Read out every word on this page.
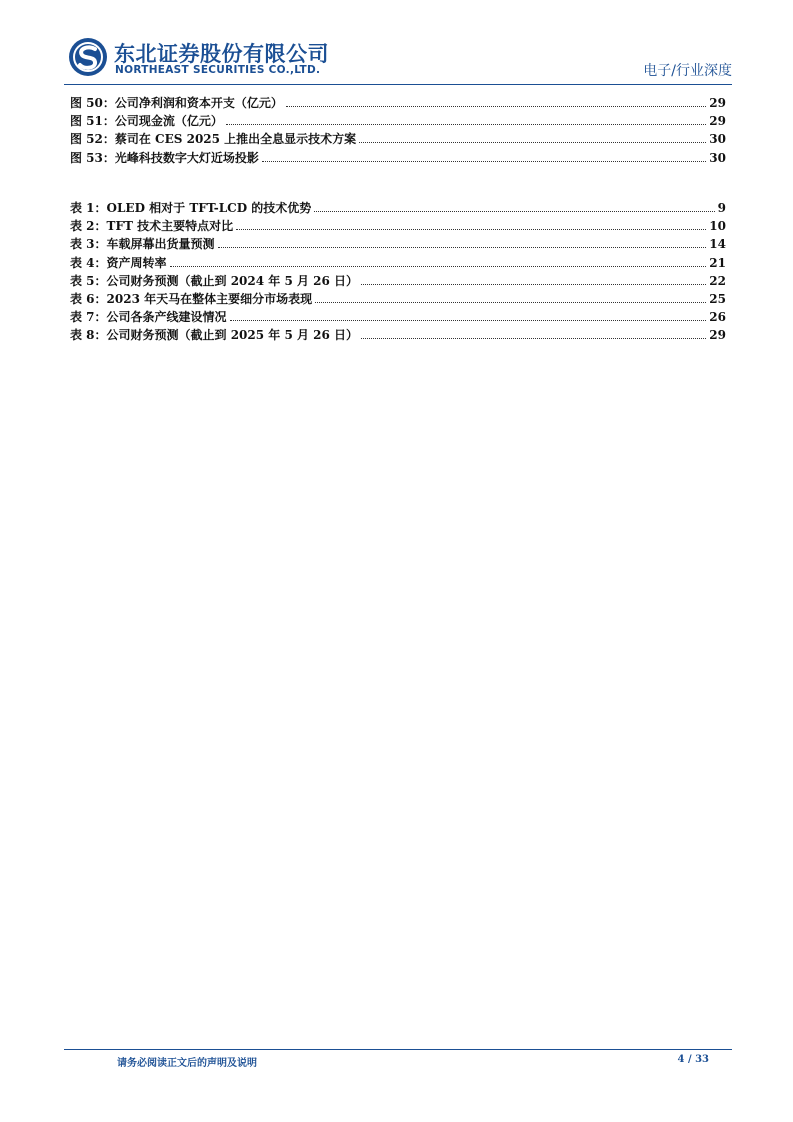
东北证券股份有限公司
NORTHEAST SECURITIES CO.,LTD.	电子/行业深度
图 50：公司净利润和资本开支（亿元）	29
图 51：公司现金流（亿元）	29
图 52：蔡司在 CES 2025 上推出全息显示技术方案	30
图 53：光峰科技数字大灯近场投影	30
表 1：OLED 相对于 TFT-LCD 的技术优势	9
表 2：TFT 技术主要特点对比	10
表 3：车载屏幕出货量预测	14
表 4：资产周转率	21
表 5：公司财务预测（截止到 2024 年 5 月 26 日）	22
表 6：2023 年天马在整体主要细分市场表现	25
表 7：公司各条产线建设情况	26
表 8：公司财务预测（截止到 2025 年 5 月 26 日）	29
请务必阅读正文后的声明及说明	4 / 33
